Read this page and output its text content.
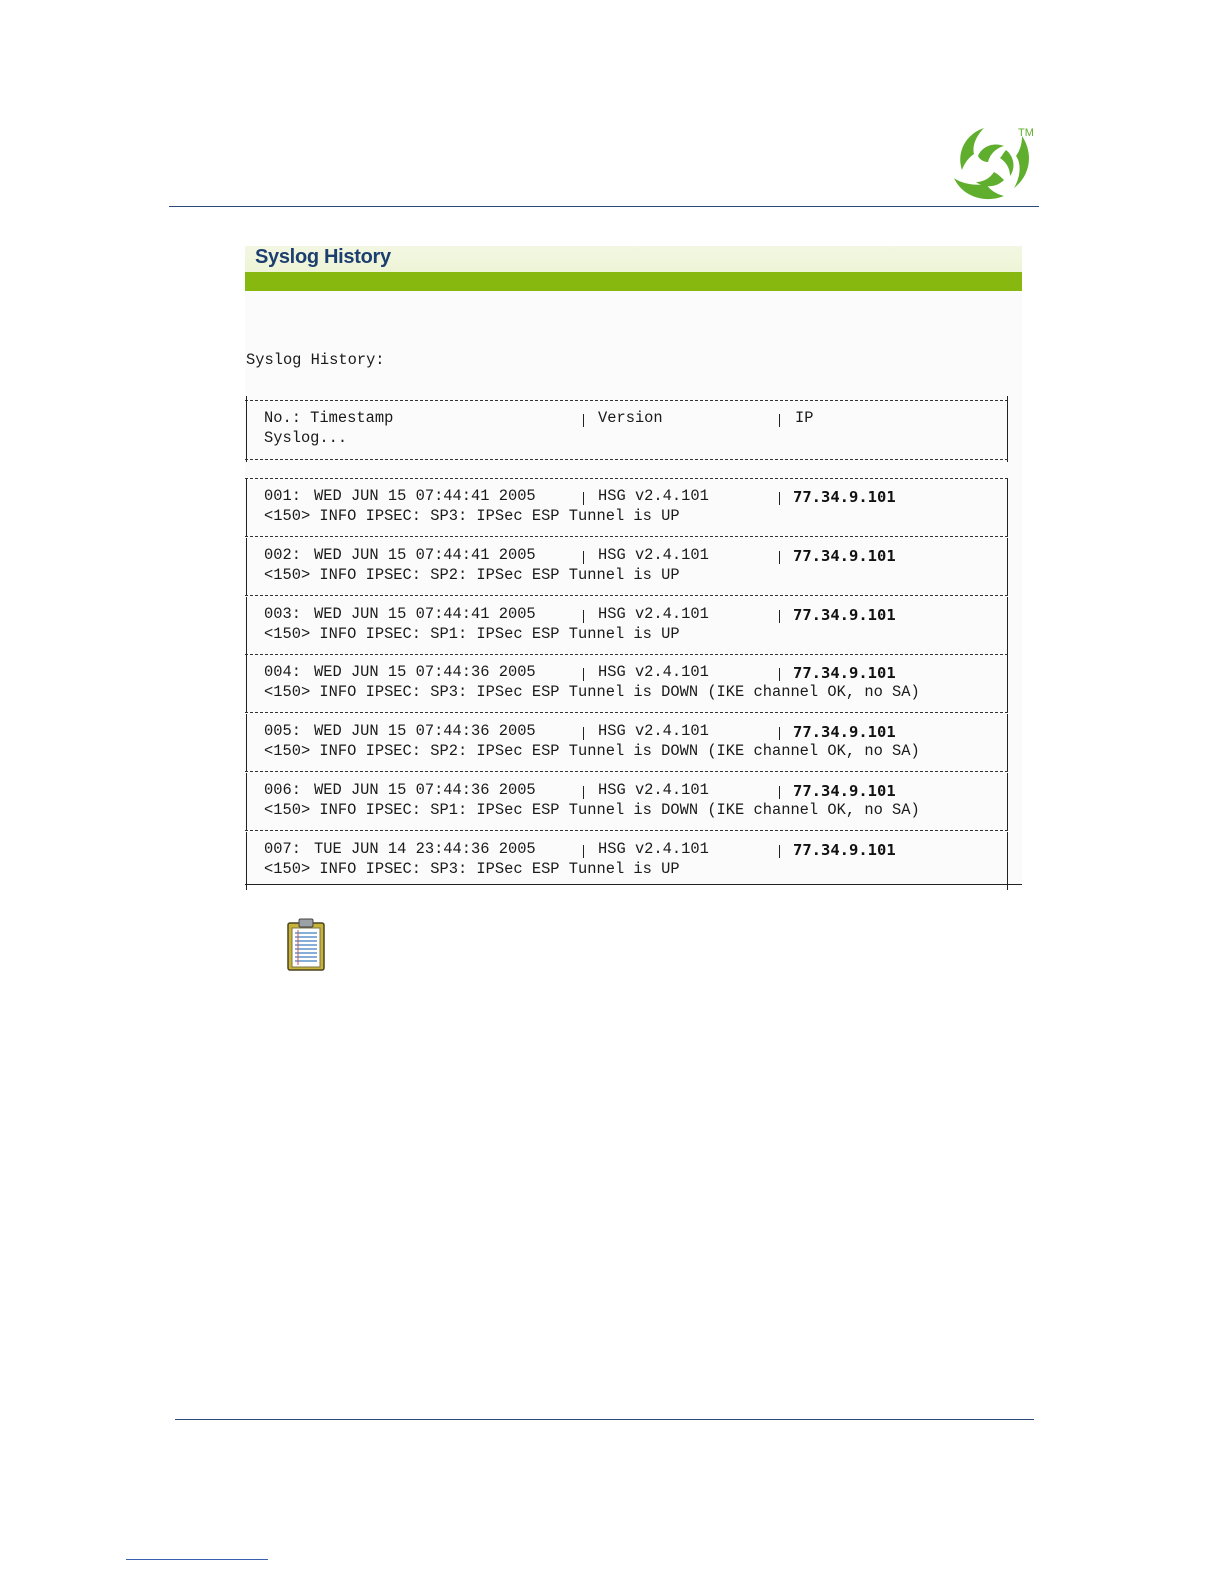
TM
Syslog History
Syslog History:
No.: Timestamp	Version	IP
Syslog...
001: WED JUN 15 07:44:41 2005	HSG v2.4.101	77.34.9.101
<150> INFO IPSEC: SP3: IPSec ESP Tunnel is UP
002: WED JUN 15 07:44:41 2005	HSG v2.4.101	77.34.9.101
<150> INFO IPSEC: SP2: IPSec ESP Tunnel is UP
003: WED JUN 15 07:44:41 2005	HSG v2.4.101	77.34.9.101
<150> INFO IPSEC: SP1: IPSec ESP Tunnel is UP
004: WED JUN 15 07:44:36 2005	HSG v2.4.101	77.34.9.101
<150> INFO IPSEC: SP3: IPSec ESP Tunnel is DOWN (IKE channel OK, no SA)
005: WED JUN 15 07:44:36 2005	HSG v2.4.101	77.34.9.101
<150> INFO IPSEC: SP2: IPSec ESP Tunnel is DOWN (IKE channel OK, no SA)
006: WED JUN 15 07:44:36 2005	HSG v2.4.101	77.34.9.101
<150> INFO IPSEC: SP1: IPSec ESP Tunnel is DOWN (IKE channel OK, no SA)
007: TUE JUN 14 23:44:36 2005	HSG v2.4.101	77.34.9.101
<150> INFO IPSEC: SP3: IPSec ESP Tunnel is UP
